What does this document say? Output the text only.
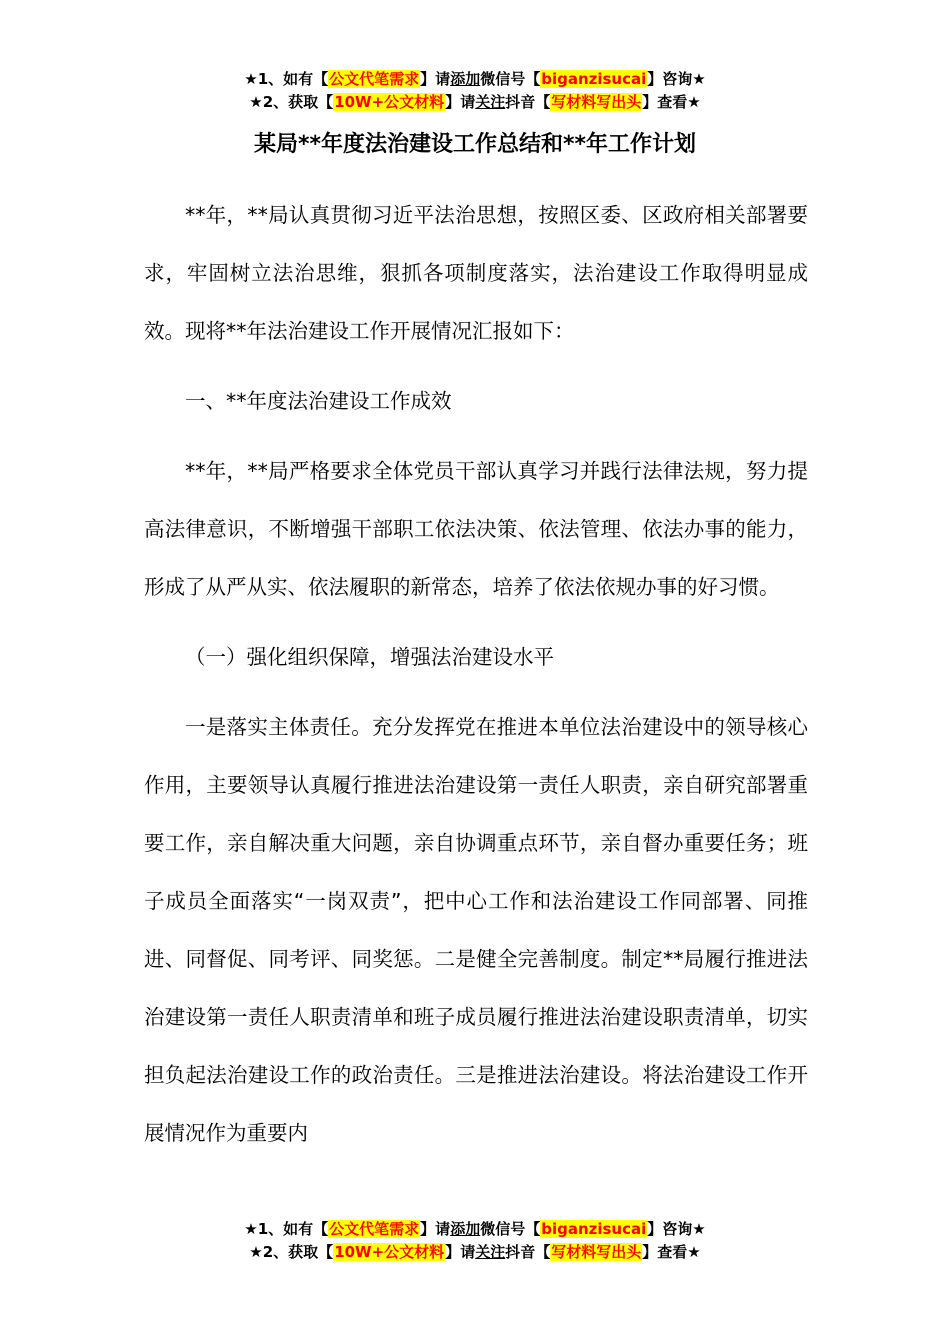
★1、如有【公文代笔需求】请添加微信号【biganzisucai】咨询★
★2、获取【10W+公文材料】请关注抖音【写材料写出头】查看★
某局**年度法治建设工作总结和**年工作计划

**年，**局认真贯彻习近平法治思想，按照区委、区政府相关部署要求，牢固树立法治思维，狠抓各项制度落实，法治建设工作取得明显成效。现将**年法治建设工作开展情况汇报如下：

一、**年度法治建设工作成效

**年，**局严格要求全体党员干部认真学习并践行法律法规，努力提高法律意识，不断增强干部职工依法决策、依法管理、依法办事的能力，形成了从严从实、依法履职的新常态，培养了依法依规办事的好习惯。

（一）强化组织保障，增强法治建设水平

一是落实主体责任。充分发挥党在推进本单位法治建设中的领导核心作用，主要领导认真履行推进法治建设第一责任人职责，亲自研究部署重要工作，亲自解决重大问题，亲自协调重点环节，亲自督办重要任务；班子成员全面落实“一岗双责”，把中心工作和法治建设工作同部署、同推进、同督促、同考评、同奖惩。二是健全完善制度。制定**局履行推进法治建设第一责任人职责清单和班子成员履行推进法治建设职责清单，切实担负起法治建设工作的政治责任。三是推进法治建设。将法治建设工作开展情况作为重要内

★1、如有【公文代笔需求】请添加微信号【biganzisucai】咨询★
★2、获取【10W+公文材料】请关注抖音【写材料写出头】查看★
